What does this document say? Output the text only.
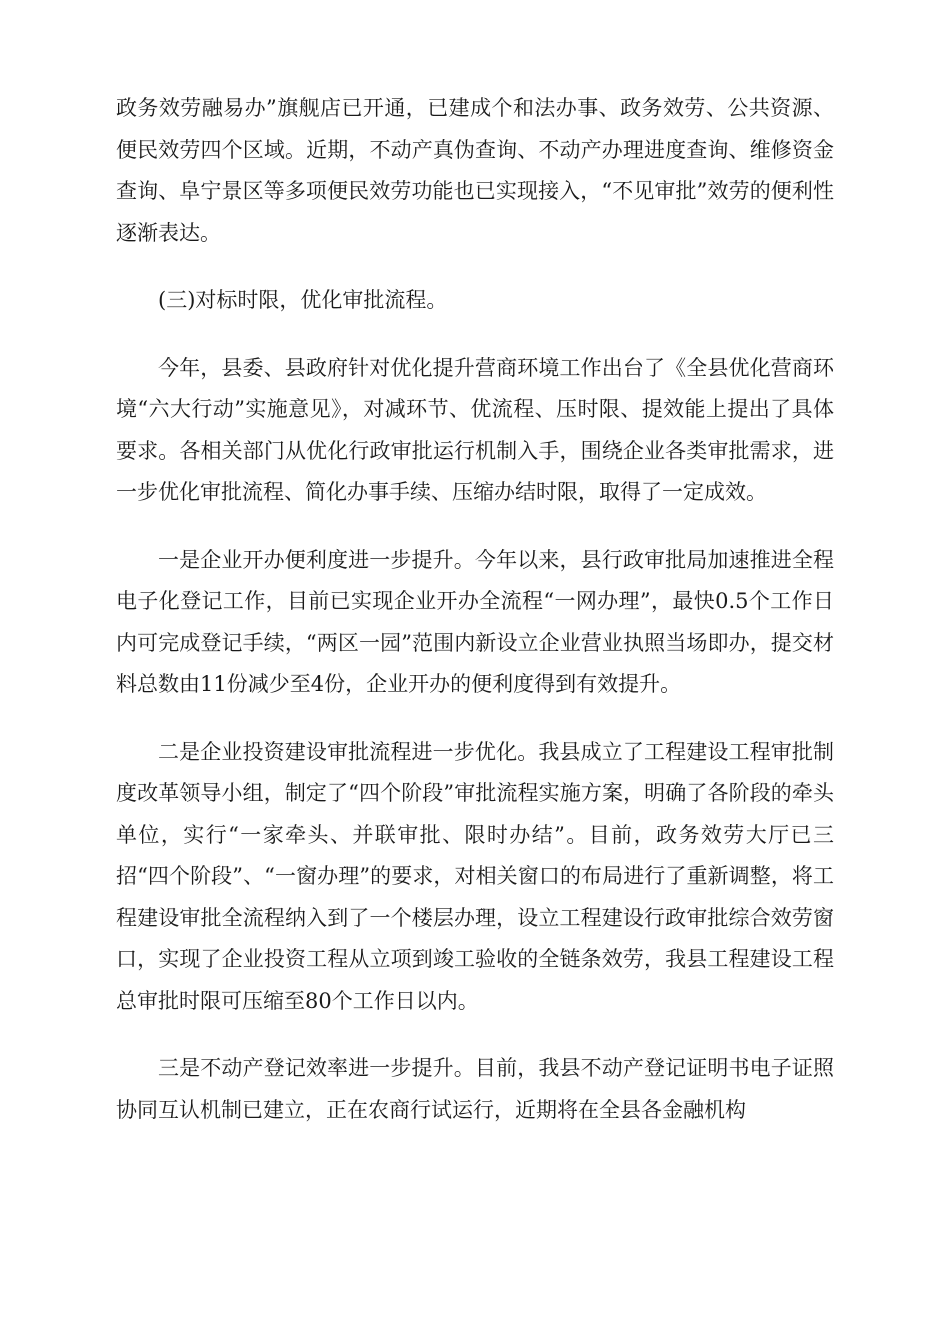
政务效劳融易办”旗舰店已开通，已建成个和法办事、政务效劳、公共资源、便民效劳四个区域。近期，不动产真伪查询、不动产办理进度查询、维修资金查询、阜宁景区等多项便民效劳功能也已实现接入，“不见审批”效劳的便利性逐渐表达。

(三)对标时限，优化审批流程。

今年，县委、县政府针对优化提升营商环境工作出台了《全县优化营商环境“六大行动”实施意见》，对减环节、优流程、压时限、提效能上提出了具体要求。各相关部门从优化行政审批运行机制入手，围绕企业各类审批需求，进一步优化审批流程、简化办事手续、压缩办结时限，取得了一定成效。

一是企业开办便利度进一步提升。今年以来，县行政审批局加速推进全程电子化登记工作，目前已实现企业开办全流程“一网办理”，最快0.5个工作日内可完成登记手续，“两区一园”范围内新设立企业营业执照当场即办，提交材料总数由11份减少至4份，企业开办的便利度得到有效提升。

二是企业投资建设审批流程进一步优化。我县成立了工程建设工程审批制度改革领导小组，制定了“四个阶段”审批流程实施方案，明确了各阶段的牵头单位，实行“一家牵头、并联审批、限时办结”。目前，政务效劳大厅已三招“四个阶段”、“一窗办理”的要求，对相关窗口的布局进行了重新调整，将工程建设审批全流程纳入到了一个楼层办理，设立工程建设行政审批综合效劳窗口，实现了企业投资工程从立项到竣工验收的全链条效劳，我县工程建设工程总审批时限可压缩至80个工作日以内。

三是不动产登记效率进一步提升。目前，我县不动产登记证明书电子证照协同互认机制已建立，正在农商行试运行，近期将在全县各金融机构
